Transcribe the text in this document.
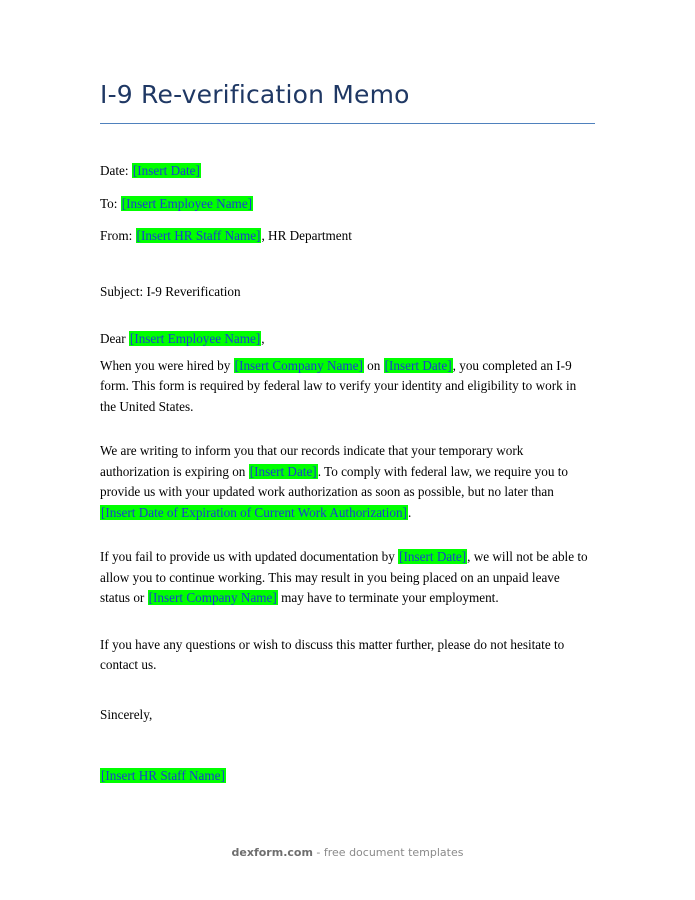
I-9 Re-verification Memo
Date: [Insert Date]
To: [Insert Employee Name]
From: [Insert HR Staff Name], HR Department
Subject: I-9 Reverification
Dear [Insert Employee Name],
When you were hired by [Insert Company Name] on [Insert Date], you completed an I-9 form. This form is required by federal law to verify your identity and eligibility to work in the United States.
We are writing to inform you that our records indicate that your temporary work authorization is expiring on [Insert Date]. To comply with federal law, we require you to provide us with your updated work authorization as soon as possible, but no later than [Insert Date of Expiration of Current Work Authorization].
If you fail to provide us with updated documentation by [Insert Date], we will not be able to allow you to continue working. This may result in you being placed on an unpaid leave status or [Insert Company Name] may have to terminate your employment.
If you have any questions or wish to discuss this matter further, please do not hesitate to contact us.
Sincerely,
[Insert HR Staff Name]
dexform.com - free document templates
